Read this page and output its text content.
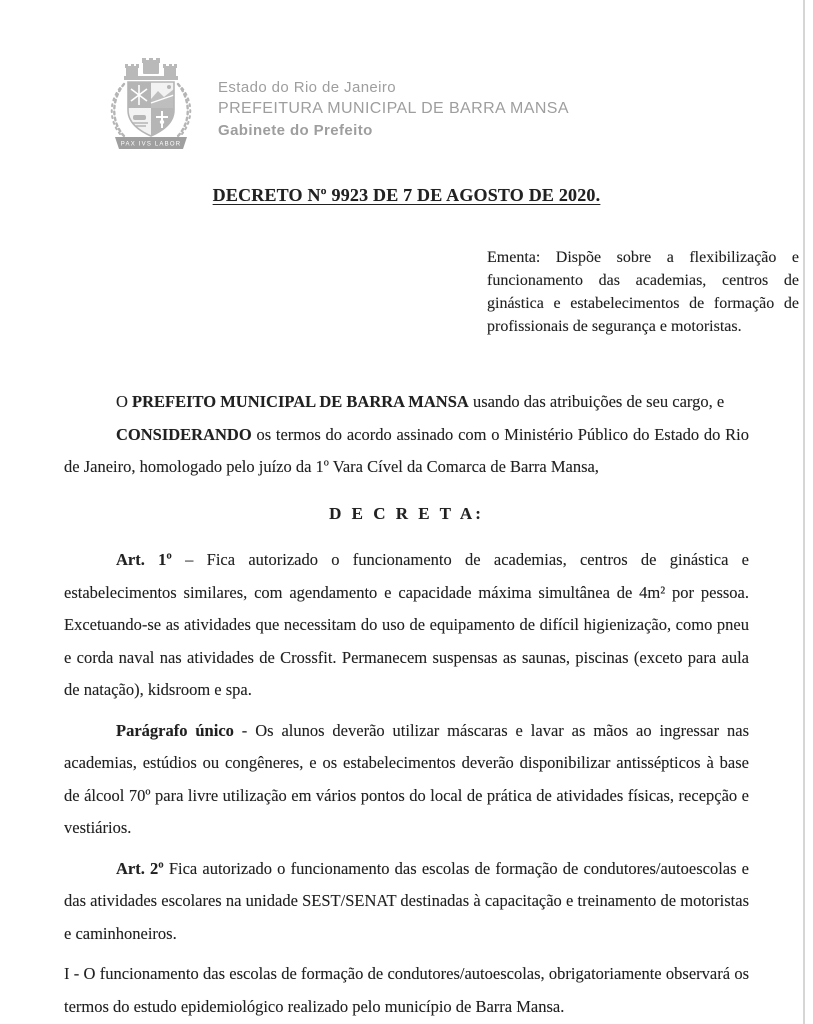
PAX IVS LABOR
Estado do Rio de Janeiro
PREFEITURA MUNICIPAL DE BARRA MANSA
Gabinete do Prefeito
DECRETO Nº 9923 DE 7 DE AGOSTO DE 2020.

Ementa: Dispõe sobre a flexibilização e funcionamento das academias, centros de ginástica e estabelecimentos de formação de profissionais de segurança e motoristas.

O PREFEITO MUNICIPAL DE BARRA MANSA usando das atribuições de seu cargo, e

CONSIDERANDO os termos do acordo assinado com o Ministério Público do Estado do Rio de Janeiro, homologado pelo juízo da 1º Vara Cível da Comarca de Barra Mansa,

D E C R E T A:

Art. 1º – Fica autorizado o funcionamento de academias, centros de ginástica e estabelecimentos similares, com agendamento e capacidade máxima simultânea de 4m² por pessoa. Excetuando-se as atividades que necessitam do uso de equipamento de difícil higienização, como pneu e corda naval nas atividades de Crossfit. Permanecem suspensas as saunas, piscinas (exceto para aula de natação), kidsroom e spa.

Parágrafo único - Os alunos deverão utilizar máscaras e lavar as mãos ao ingressar nas academias, estúdios ou congêneres, e os estabelecimentos deverão disponibilizar antissépticos à base de álcool 70º para livre utilização em vários pontos do local de prática de atividades físicas, recepção e vestiários.

Art. 2º Fica autorizado o funcionamento das escolas de formação de condutores/autoescolas e das atividades escolares na unidade SEST/SENAT destinadas à capacitação e treinamento de motoristas e caminhoneiros.

I - O funcionamento das escolas de formação de condutores/autoescolas, obrigatoriamente observará os termos do estudo epidemiológico realizado pelo município de Barra Mansa.
